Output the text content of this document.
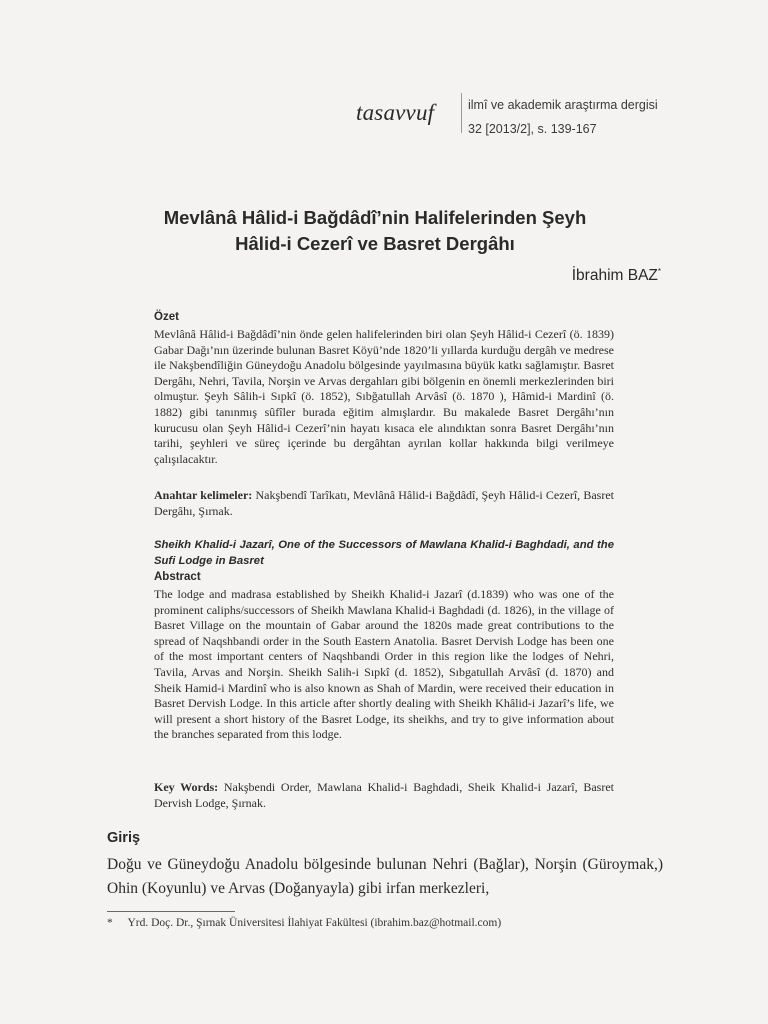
tasavvuf	ilmî ve akademik araştırma dergisi
32 [2013/2], s. 139-167
Mevlânâ Hâlid-i Bağdâdî’nin Halifelerinden Şeyh
Hâlid-i Cezerî ve Basret Dergâhı
İbrahim BAZ*
Özet
Mevlânâ Hâlid-i Bağdâdî’nin önde gelen halifelerinden biri olan Şeyh Hâlid-i Cezerî (ö. 1839) Gabar Dağı’nın üzerinde bulunan Basret Köyü’nde 1820’li yıllarda kurduğu dergâh ve medrese ile Nakşbendîliğin Güneydoğu Anadolu bölgesinde yayılmasına büyük katkı sağlamıştır. Basret Dergâhı, Nehri, Tavila, Norşin ve Arvas dergahları gibi bölgenin en önemli merkezlerinden biri olmuştur. Şeyh Sâlih-i Sıpkî (ö. 1852), Sıbğatullah Arvâsî (ö. 1870 ), Hâmid-i Mardinî (ö. 1882) gibi tanınmış sûfîler burada eğitim almışlardır. Bu makalede Basret Dergâhı’nın kurucusu olan Şeyh Hâlid-i Cezerî’nin hayatı kısaca ele alındıktan sonra Basret Dergâhı’nın tarihi, şeyhleri ve süreç içerinde bu dergâhtan ayrılan kollar hakkında bilgi verilmeye çalışılacaktır.
Anahtar kelimeler: Nakşbendî Tarîkatı, Mevlânâ Hâlid-i Bağdâdî, Şeyh Hâlid-i Cezerî, Basret Dergâhı, Şırnak.
Sheikh Khalid-i Jazarî, One of the Successors of Mawlana Khalid-i Baghdadi, and the Sufi Lodge in Basret
Abstract
The lodge and madrasa established by Sheikh Khalid-i Jazarî (d.1839) who was one of the prominent caliphs/successors of Sheikh Mawlana Khalid-i Baghdadi (d. 1826), in the village of Basret Village on the mountain of Gabar around the 1820s made great contributions to the spread of Naqshbandi order in the South Eastern Anatolia. Basret Dervish Lodge has been one of the most important centers of Naqshbandi Order in this region like the lodges of Nehri, Tavila, Arvas and Norşin. Sheikh Salih-i Sıpkî (d. 1852), Sıbgatullah Arvâsî (d. 1870) and Sheik Hamid-i Mardinî who is also known as Shah of Mardin, were received their education in Basret Dervish Lodge. In this article after shortly dealing with Sheikh Khâlid-i Jazarî’s life, we will present a short history of the Basret Lodge, its sheikhs, and try to give information about the branches separated from this lodge.
Key Words: Nakşbendi Order, Mawlana Khalid-i Baghdadi, Sheik Khalid-i Jazarî, Basret Dervish Lodge, Şırnak.
Giriş
Doğu ve Güneydoğu Anadolu bölgesinde bulunan Nehri (Bağlar), Norşin (Güroymak,) Ohin (Koyunlu) ve Arvas (Doğanyayla) gibi irfan merkezleri,
* Yrd. Doç. Dr., Şırnak Üniversitesi İlahiyat Fakültesi (ibrahim.baz@hotmail.com)
